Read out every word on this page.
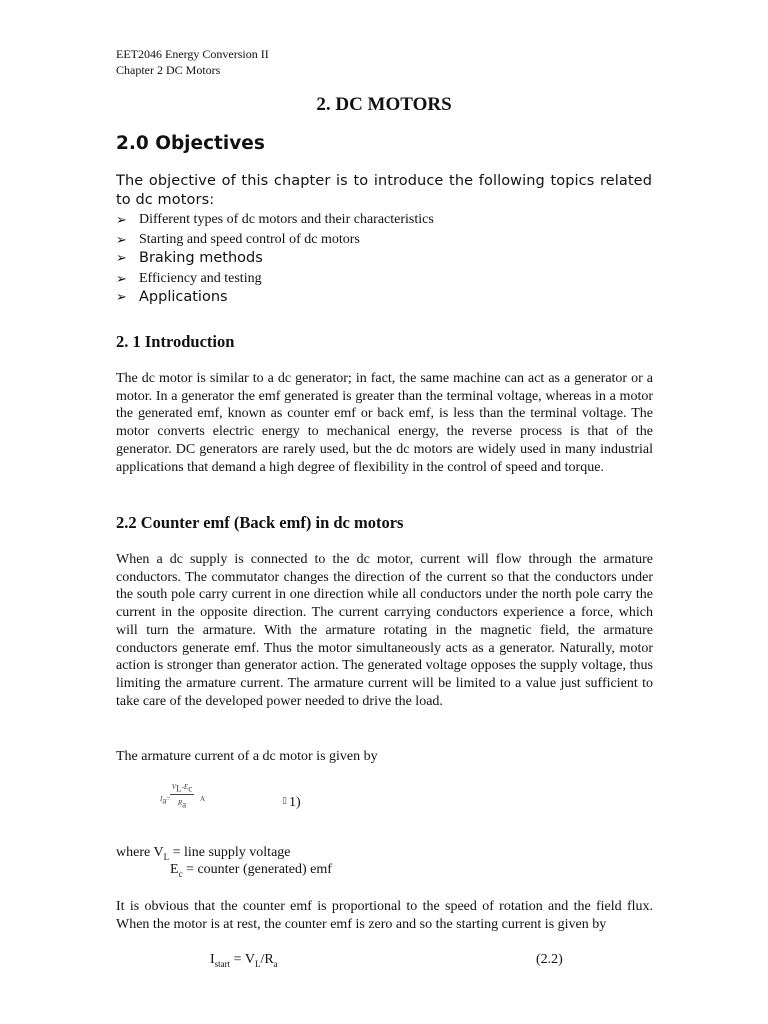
EET2046 Energy Conversion II
Chapter 2 DC Motors
2. DC MOTORS
2.0 Objectives
The objective of this chapter is to introduce the following topics related to dc motors:
➢ Different types of dc motors and their characteristics
➢ Starting and speed control of dc motors
➢ Braking methods
➢ Efficiency and testing
➢ Applications
2. 1 Introduction

The dc motor is similar to a dc generator; in fact, the same machine can act as a generator or a motor. In a generator the emf generated is greater than the terminal voltage, whereas in a motor the generated emf, known as counter emf or back emf, is less than the terminal voltage. The motor converts electric energy to mechanical energy, the reverse process is that of the generator. DC generators are rarely used, but the dc motors are widely used in many industrial applications that demand a high degree of flexibility in the control of speed and torque.

2.2 Counter emf (Back emf) in dc motors

When a dc supply is connected to the dc motor, current will flow through the armature conductors. The commutator changes the direction of the current so that the conductors under the south pole carry current in one direction while all conductors under the north pole carry the current in the opposite direction. The current carrying conductors experience a force, which will turn the armature. With the armature rotating in the magnetic field, the armature conductors generate emf. Thus the motor simultaneously acts as a generator. Naturally, motor action is stronger than generator action. The generated voltage opposes the supply voltage, thus limiting the armature current. The armature current will be limited to a value just sufficient to take care of the developed power needed to drive the load.

The armature current of a dc motor is given by

$I_a= \frac{V_L-E_c}{R_a}$ A	▯ 1)
where $V_L$ = line supply voltage
$E_c$ = counter (generated) emf

It is obvious that the counter emf is proportional to the speed of rotation and the field flux. When the motor is at rest, the counter emf is zero and so the starting current is given by

$I_{start} = V_L/R_a$	(2.2)
